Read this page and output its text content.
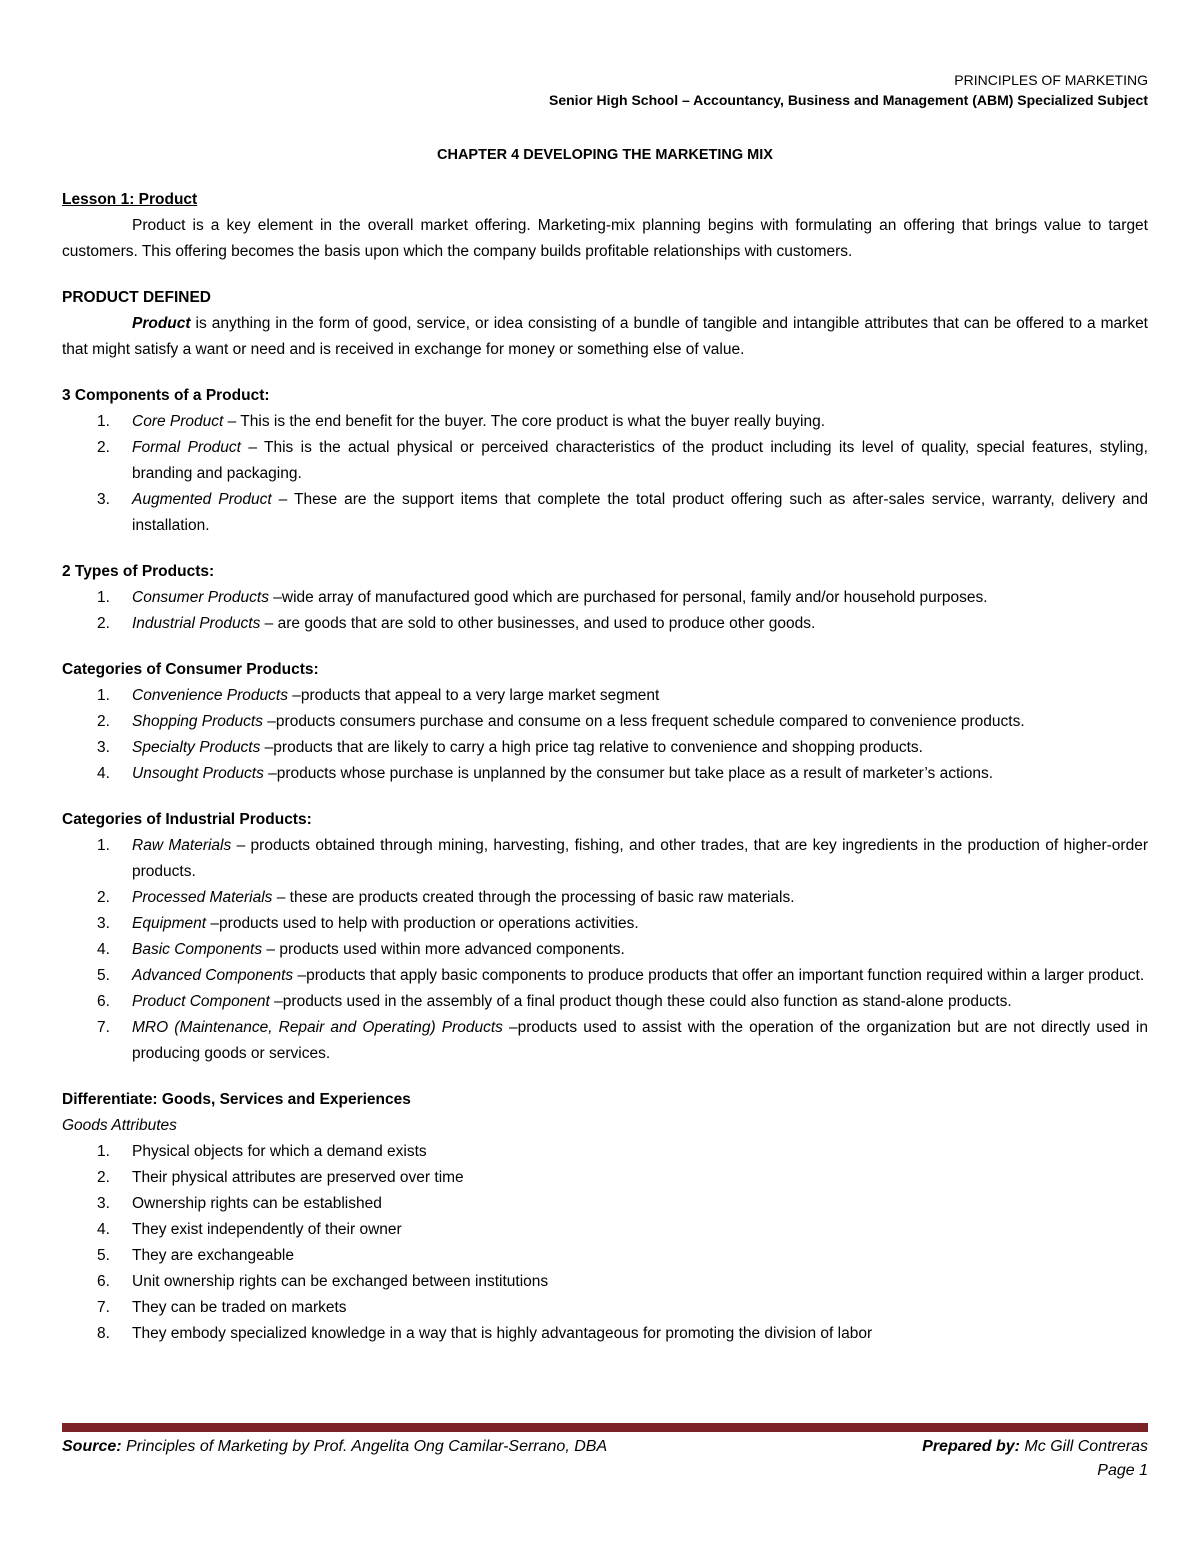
PRINCIPLES OF MARKETING
Senior High School – Accountancy, Business and Management (ABM) Specialized Subject
CHAPTER 4 DEVELOPING THE MARKETING MIX

Lesson 1: Product

Product is a key element in the overall market offering. Marketing-mix planning begins with formulating an offering that brings value to target customers. This offering becomes the basis upon which the company builds profitable relationships with customers.

PRODUCT DEFINED

Product is anything in the form of good, service, or idea consisting of a bundle of tangible and intangible attributes that can be offered to a market that might satisfy a want or need and is received in exchange for money or something else of value.

3 Components of a Product:

1. Core Product – This is the end benefit for the buyer. The core product is what the buyer really buying.
2. Formal Product – This is the actual physical or perceived characteristics of the product including its level of quality, special features, styling, branding and packaging.
3. Augmented Product – These are the support items that complete the total product offering such as after-sales service, warranty, delivery and installation.

2 Types of Products:

1. Consumer Products –wide array of manufactured good which are purchased for personal, family and/or household purposes.
2. Industrial Products – are goods that are sold to other businesses, and used to produce other goods.

Categories of Consumer Products:

1. Convenience Products –products that appeal to a very large market segment
2. Shopping Products –products consumers purchase and consume on a less frequent schedule compared to convenience products.
3. Specialty Products –products that are likely to carry a high price tag relative to convenience and shopping products.
4. Unsought Products –products whose purchase is unplanned by the consumer but take place as a result of marketer’s actions.

Categories of Industrial Products:

1. Raw Materials – products obtained through mining, harvesting, fishing, and other trades, that are key ingredients in the production of higher-order products.
2. Processed Materials – these are products created through the processing of basic raw materials.
3. Equipment –products used to help with production or operations activities.
4. Basic Components – products used within more advanced components.
5. Advanced Components –products that apply basic components to produce products that offer an important function required within a larger product.
6. Product Component –products used in the assembly of a final product though these could also function as stand-alone products.
7. MRO (Maintenance, Repair and Operating) Products –products used to assist with the operation of the organization but are not directly used in producing goods or services.

Differentiate: Goods, Services and Experiences

Goods Attributes

1. Physical objects for which a demand exists
2. Their physical attributes are preserved over time
3. Ownership rights can be established
4. They exist independently of their owner
5. They are exchangeable
6. Unit ownership rights can be exchanged between institutions
7. They can be traded on markets
8. They embody specialized knowledge in a way that is highly advantageous for promoting the division of labor
Source: Principles of Marketing by Prof. Angelita Ong Camilar-Serrano, DBA	Prepared by: Mc Gill Contreras
Page 1
